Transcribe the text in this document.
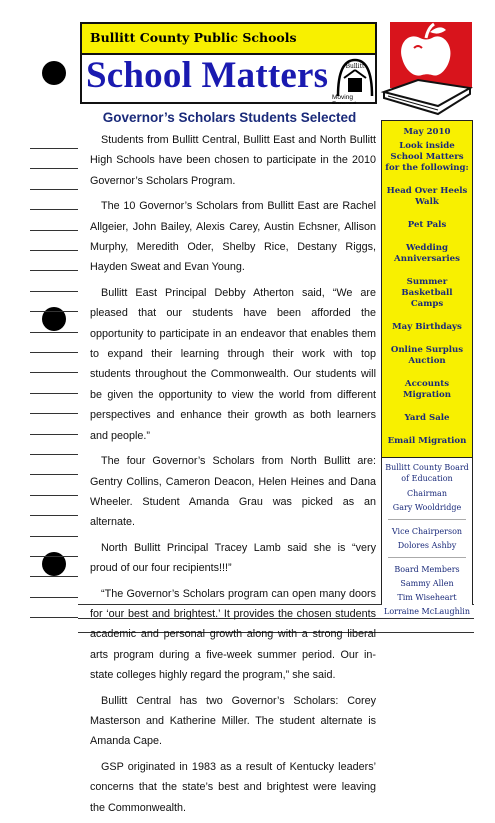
Bullitt County Public Schools
School Matters	Bullitt
Moving
Governor’s Scholars Students Selected

Students from Bullitt Central, Bullitt East and North Bullitt High Schools have been chosen to participate in the 2010 Governor’s Scholars Program.

The 10 Governor’s Scholars from Bullitt East are Rachel Allgeier, John Bailey, Alexis Carey, Austin Echsner, Allison Murphy, Meredith Oder, Shelby Rice, Destany Riggs, Hayden Sweat and Evan Young.

Bullitt East Principal Debby Atherton said, “We are pleased that our students have been afforded the opportunity to participate in an endeavor that enables them to expand their learning through their work with top students throughout the Commonwealth. Our students will be given the opportunity to view the world from different perspectives and enhance their growth as both learners and people.”

The four Governor’s Scholars from North Bullitt are: Gentry Collins, Cameron Deacon, Helen Heines and Dana Wheeler. Student Amanda Grau was picked as an alternate.

North Bullitt Principal Tracey Lamb said she is “very proud of our four recipients!!!”

“The Governor’s Scholars program can open many doors for ‘our best and brightest.’ It provides the chosen students academic and personal growth along with a strong liberal arts program during a five-week summer period. Our in-state colleges highly regard the program,” she said.

Bullitt Central has two Governor’s Scholars: Corey Masterson and Katherine Miller. The student alternate is Amanda Cape.

GSP originated in 1983 as a result of Kentucky leaders’ concerns that the state’s best and brightest were leaving the Commonwealth.

May 2010
Look inside School Matters for the following:
Head Over Heels Walk
Pet Pals
Wedding Anniversaries
Summer Basketball Camps
May Birthdays
Online Surplus Auction
Accounts Migration
Yard Sale
Email Migration
Bullitt County Board of Education
Chairman
Gary Wooldridge
Vice Chairperson
Dolores Ashby
Board Members
Sammy Allen
Tim Wiseheart
Lorraine McLaughlin
